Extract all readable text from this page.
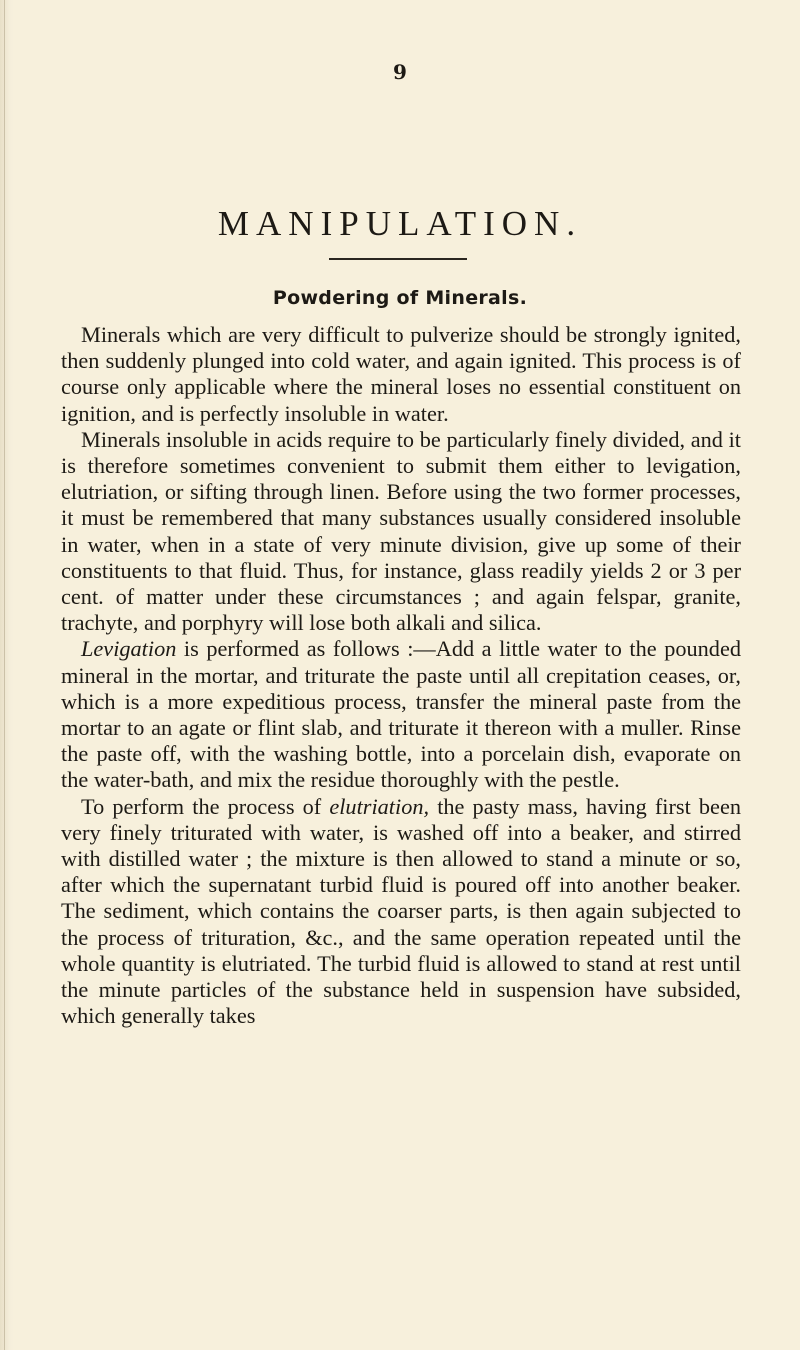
9
MANIPULATION.
Powdering of Minerals.

Minerals which are very difficult to pulverize should be strongly ignited, then suddenly plunged into cold water, and again ignited. This process is of course only applicable where the mineral loses no essential constituent on ignition, and is perfectly insoluble in water.

Minerals insoluble in acids require to be particularly finely divided, and it is therefore sometimes convenient to submit them either to levigation, elutriation, or sifting through linen. Before using the two former processes, it must be remembered that many substances usually considered insoluble in water, when in a state of very minute division, give up some of their constituents to that fluid. Thus, for instance, glass readily yields 2 or 3 per cent. of matter under these circumstances ; and again felspar, granite, trachyte, and porphyry will lose both alkali and silica.

Levigation is performed as follows :—Add a little water to the pounded mineral in the mortar, and triturate the paste until all crepitation ceases, or, which is a more expeditious process, transfer the mineral paste from the mortar to an agate or flint slab, and triturate it thereon with a muller. Rinse the paste off, with the washing bottle, into a porcelain dish, evaporate on the water-bath, and mix the residue thoroughly with the pestle.

To perform the process of elutriation, the pasty mass, having first been very finely triturated with water, is washed off into a beaker, and stirred with distilled water ; the mixture is then allowed to stand a minute or so, after which the supernatant turbid fluid is poured off into another beaker. The sediment, which contains the coarser parts, is then again subjected to the process of trituration, &c., and the same operation repeated until the whole quantity is elutriated. The turbid fluid is allowed to stand at rest until the minute particles of the substance held in suspension have subsided, which generally takes
